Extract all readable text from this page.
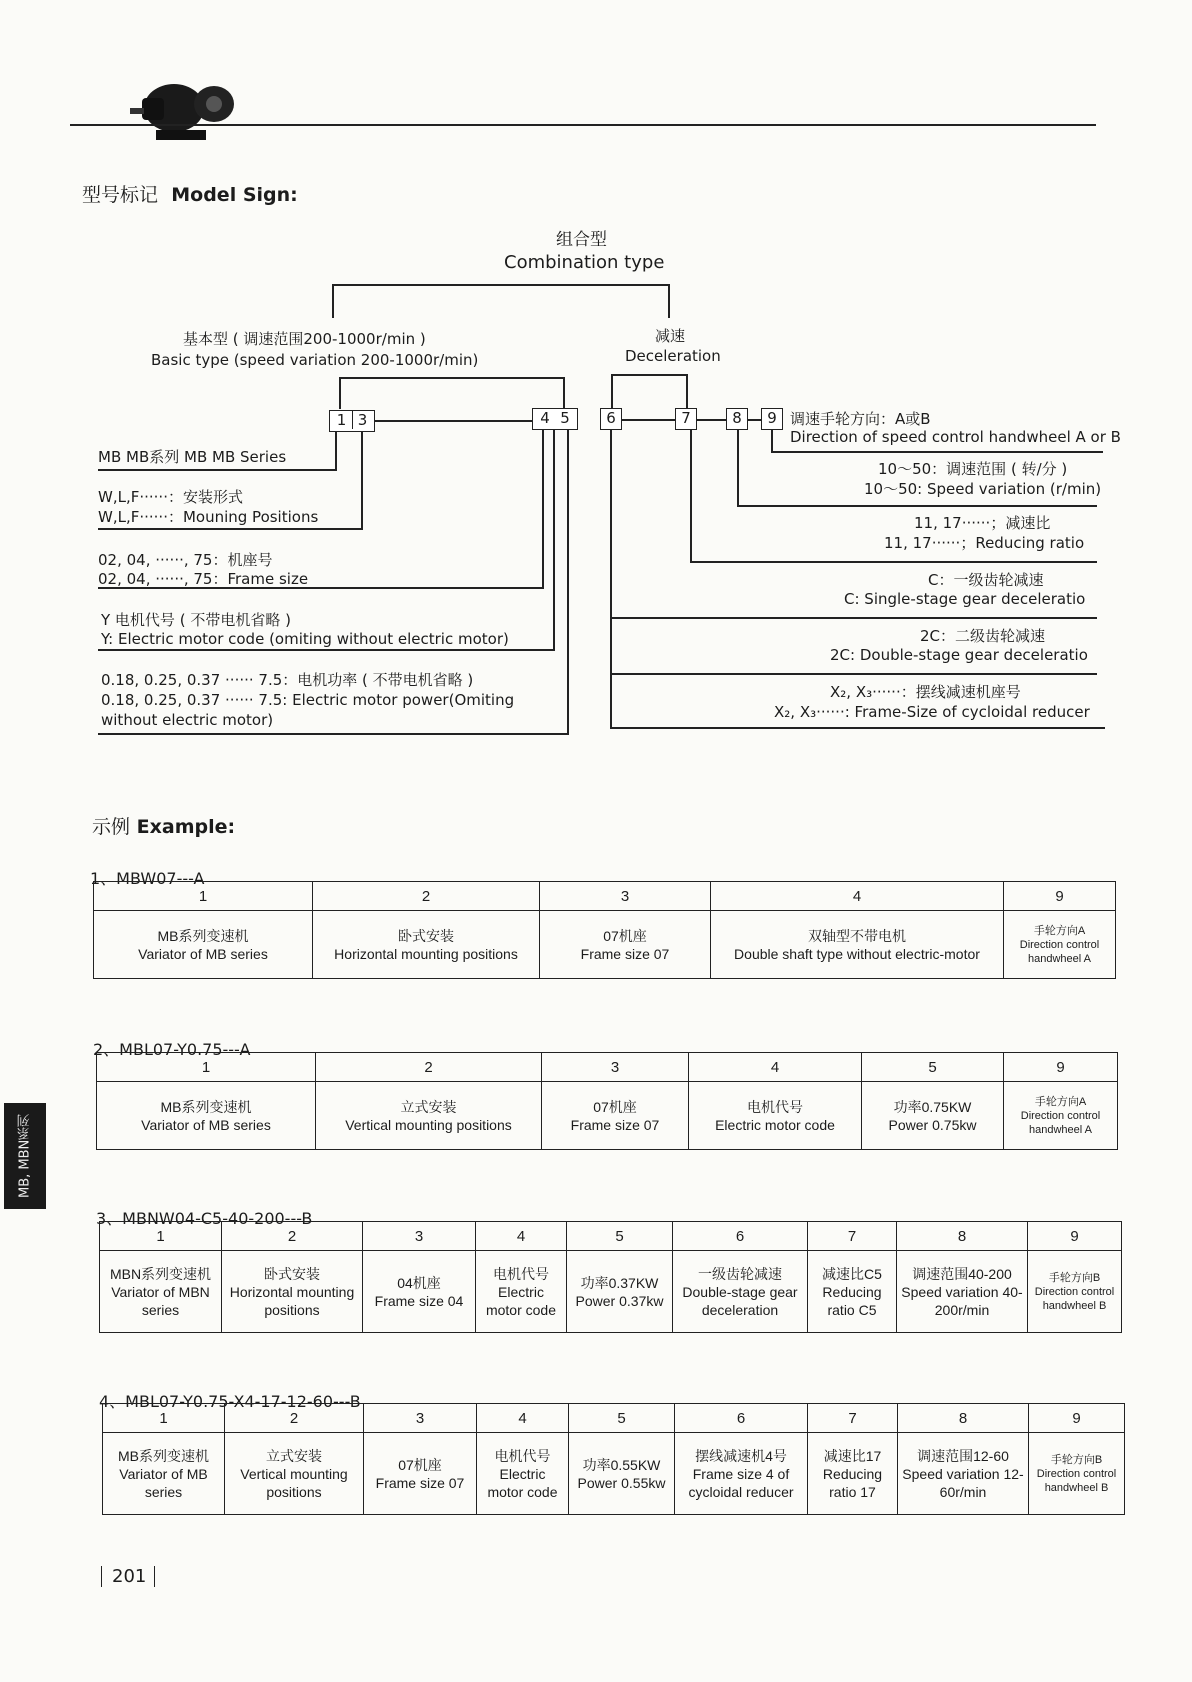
型号标记 Model Sign:
组合型
Combination type
基本型 ( 调速范围200-1000r/min )
Basic type (speed variation 200-1000r/min)
减速
Deceleration
1 3	4 5	6	7	8	9
MB MB系列 MB MB Series
W,L,F······：安装形式
W,L,F······：Mouning Positions
02, 04, ······, 75：机座号
02, 04, ······, 75：Frame size
Y 电机代号 ( 不带电机省略 )
Y: Electric motor code (omiting without electric motor)
0.18, 0.25, 0.37 ······ 7.5：电机功率 ( 不带电机省略 )
0.18, 0.25, 0.37 ······ 7.5: Electric motor power(Omiting
without electric motor)
调速手轮方向：A或B
Direction of speed control handwheel A or B
10～50：调速范围 ( 转/分 )
10～50: Speed variation (r/min)
11, 17······；减速比
11, 17······；Reducing ratio
C：一级齿轮减速
C: Single-stage gear deceleratio
2C：二级齿轮减速
2C: Double-stage gear deceleratio
X₂, X₃······：摆线减速机座号
X₂, X₃······: Frame-Size of cycloidal reducer
示例 Example:
1、MBW07---A
1	2	3	4	9

MB系列变速机
Variator of MB series	卧式安装
Horizontal mounting positions	07机座
Frame size 07	双轴型不带电机
Double shaft type without electric-motor	手轮方向A
Direction control handwheel A
2、MBL07-Y0.75---A
1	2	3	4	5	9

MB系列变速机
Variator of MB series	立式安装
Vertical mounting positions	07机座
Frame size 07	电机代号
Electric motor code	功率0.75KW
Power 0.75kw	手轮方向A
Direction control handwheel A
3、MBNW04-C5-40-200---B
1	2	3	4	5	6	7	8	9

MBN系列变速机
Variator of MBN series	卧式安装
Horizontal mounting positions	04机座
Frame size 04	电机代号
Electric motor code	功率0.37KW
Power 0.37kw	一级齿轮减速
Double-stage gear deceleration	减速比C5
Reducing ratio C5	调速范围40-200
Speed variation 40-200r/min	手轮方向B
Direction control handwheel B
4、MBL07-Y0.75-X4-17-12-60---B
1	2	3	4	5	6	7	8	9

MB系列变速机
Variator of MB series	立式安装
Vertical mounting positions	07机座
Frame size 07	电机代号
Electric motor code	功率0.55KW
Power 0.55kw	摆线减速机4号
Frame size 4 of cycloidal reducer	减速比17
Reducing ratio 17	调速范围12-60
Speed variation 12-60r/min	手轮方向B
Direction control handwheel B
MB, MBN系列
201
